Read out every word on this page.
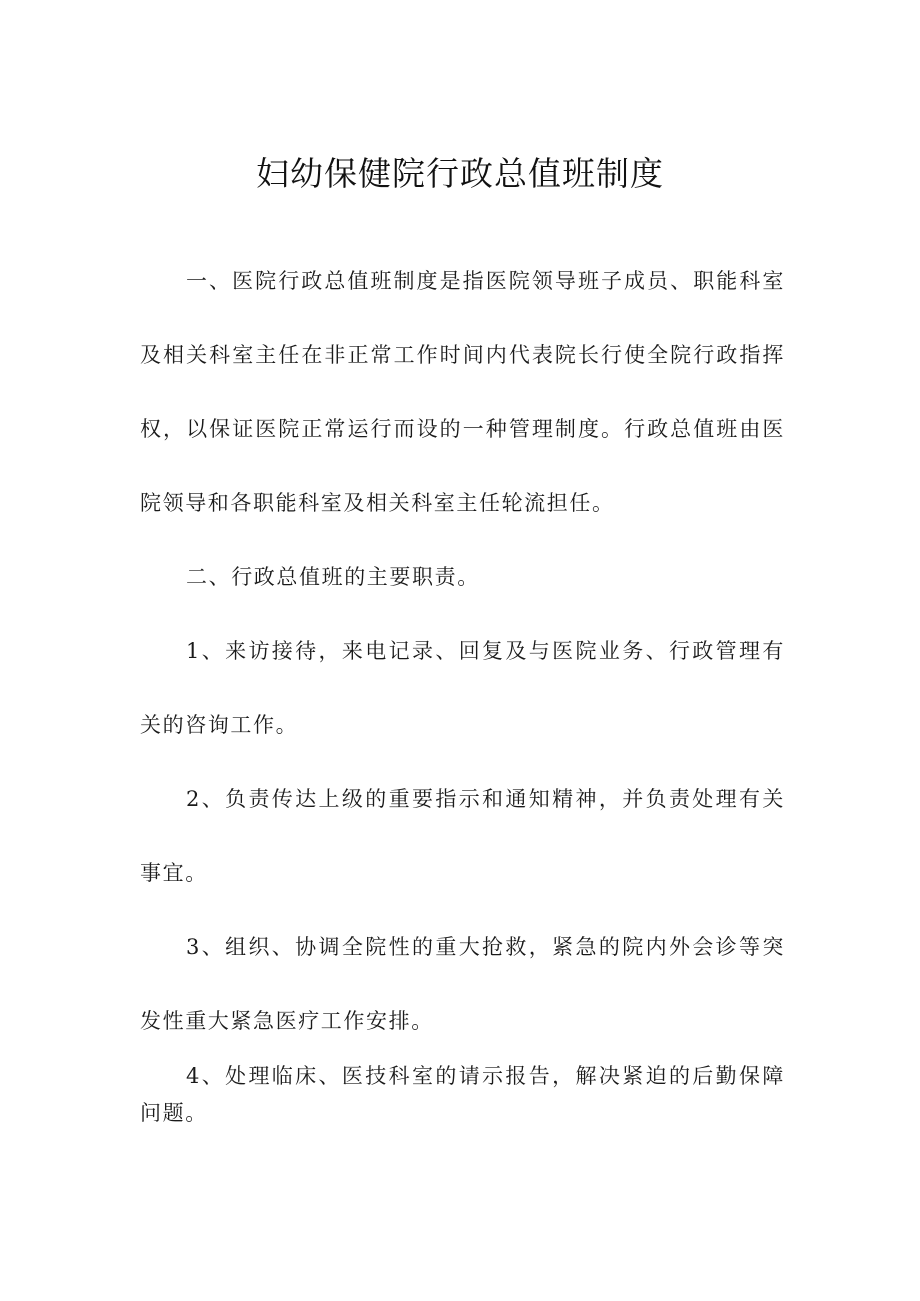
妇幼保健院行政总值班制度

一、医院行政总值班制度是指医院领导班子成员、职能科室及相关科室主任在非正常工作时间内代表院长行使全院行政指挥权，以保证医院正常运行而设的一种管理制度。行政总值班由医院领导和各职能科室及相关科室主任轮流担任。

二、行政总值班的主要职责。

1、来访接待，来电记录、回复及与医院业务、行政管理有关的咨询工作。

2、负责传达上级的重要指示和通知精神，并负责处理有关事宜。

3、组织、协调全院性的重大抢救，紧急的院内外会诊等突发性重大紧急医疗工作安排。

4、处理临床、医技科室的请示报告，解决紧迫的后勤保障问题。
